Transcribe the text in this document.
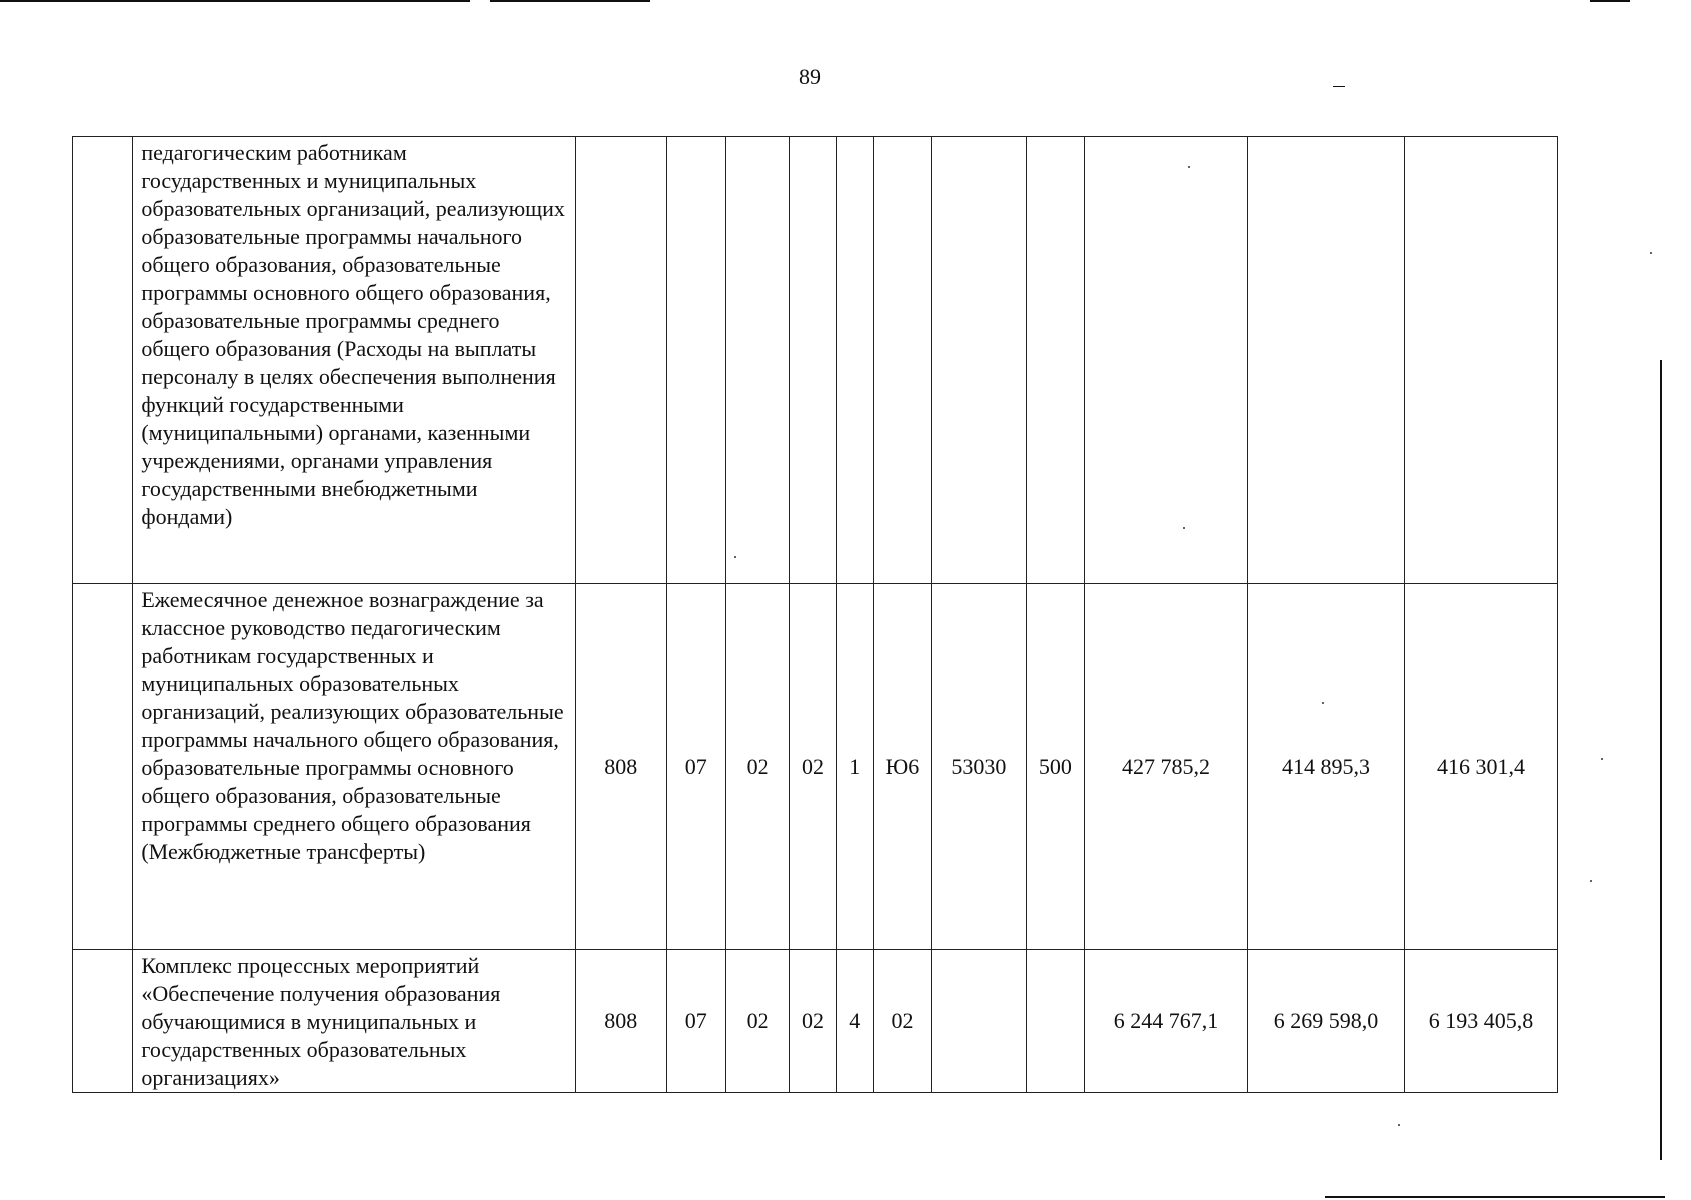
89
	педагогическим работникам государственных и муниципальных образовательных организаций, реализующих образовательные программы начального общего образования, образовательные программы основного общего образования, образовательные программы среднего общего образования (Расходы на выплаты персоналу в целях обеспечения выполнения функций государственными (муниципальными) органами, казенными учреждениями, органами управления государственными внебюджетными фондами)											
	Ежемесячное денежное вознаграждение за классное руководство педагогическим работникам государственных и муниципальных образовательных организаций, реализующих образовательные программы начального общего образования, образовательные программы основного общего образования, образовательные программы среднего общего образования (Межбюджетные трансферты)	808	07	02	02	1	Ю6	53030	500	427 785,2	414 895,3	416 301,4
	Комплекс процессных мероприятий «Обеспечение получения образования обучающимися в муниципальных и государственных образовательных организациях»	808	07	02	02	4	02			6 244 767,1	6 269 598,0	6 193 405,8
